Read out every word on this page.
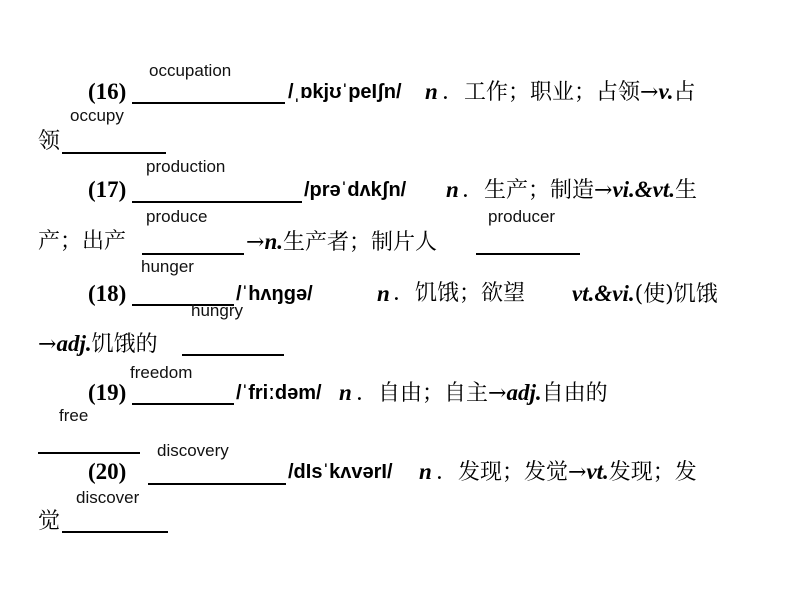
occupation
(16)	/ˌɒkjʊˈpeIʃn/ n ．工作；职业；占领→v.占
occupy
领
production
(17)	/prəˈdʌkʃn/ n ．生产；制造→vi.&vt.生
produce	producer
产；出产	→n.生产者；制片人
hunger
(18)	/ˈhʌŋgə/
hungry
n ．饥饿；欲望 vt.&vi.(使)饥饿
→adj.饥饿的
freedom
(19)	/ˈfriːdəm/ n ．自由；自主→adj.自由的
free
discovery
(20)	/dIsˈkʌvərI/ n ．发现；发觉→vt.发现；发
discover
觉
